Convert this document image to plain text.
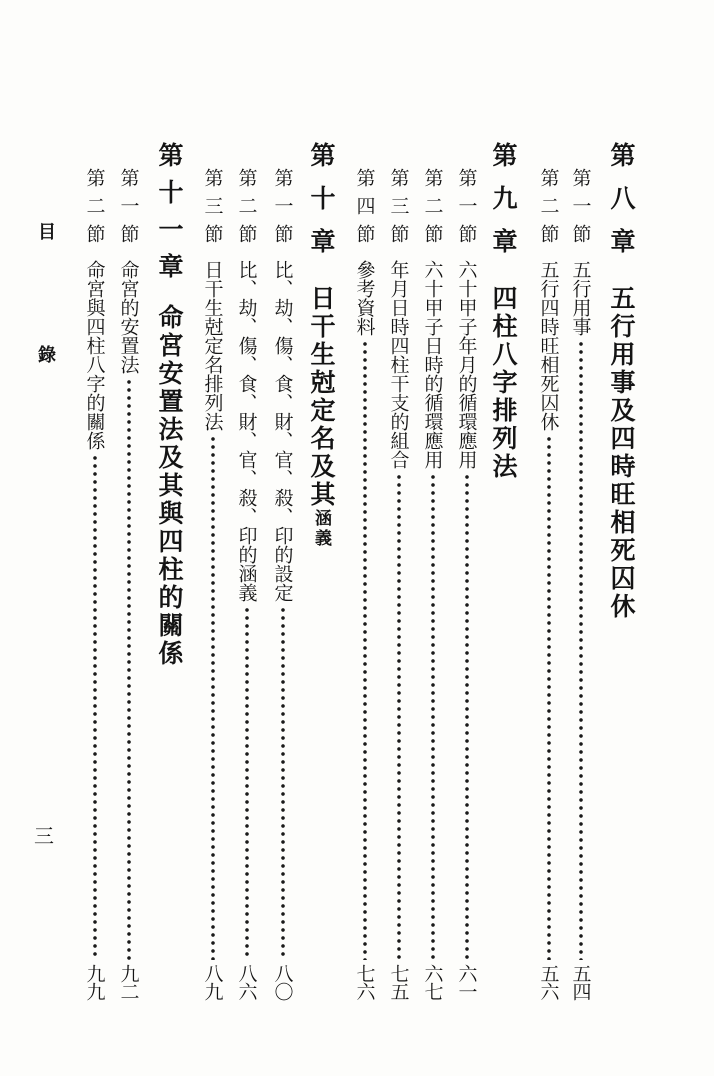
第八章
五行用事及四時旺相死囚休
第一節
五行用事
五四
第二節
五行四時旺相死囚休
五六
第九章
四柱八字排列法
第一節
六十甲子年月的循環應用
六一
第二節
六十甲子日時的循環應用
六七
第三節
年月日時四柱干支的組合
七五
第四節
參考資料
七六
第十章
日干生尅定名及其涵義
第一節
比、劫、傷、食、財、官、殺、印的設定
八〇
第二節
比、劫、傷、食、財、官、殺、印的涵義
八六
第三節
日干生尅定名排列法
八九
第十一章
命宮安置法及其與四柱的關係
第一節
命宮的安置法
九二
第二節
命宮與四柱八字的關係
九九
目 錄
三
